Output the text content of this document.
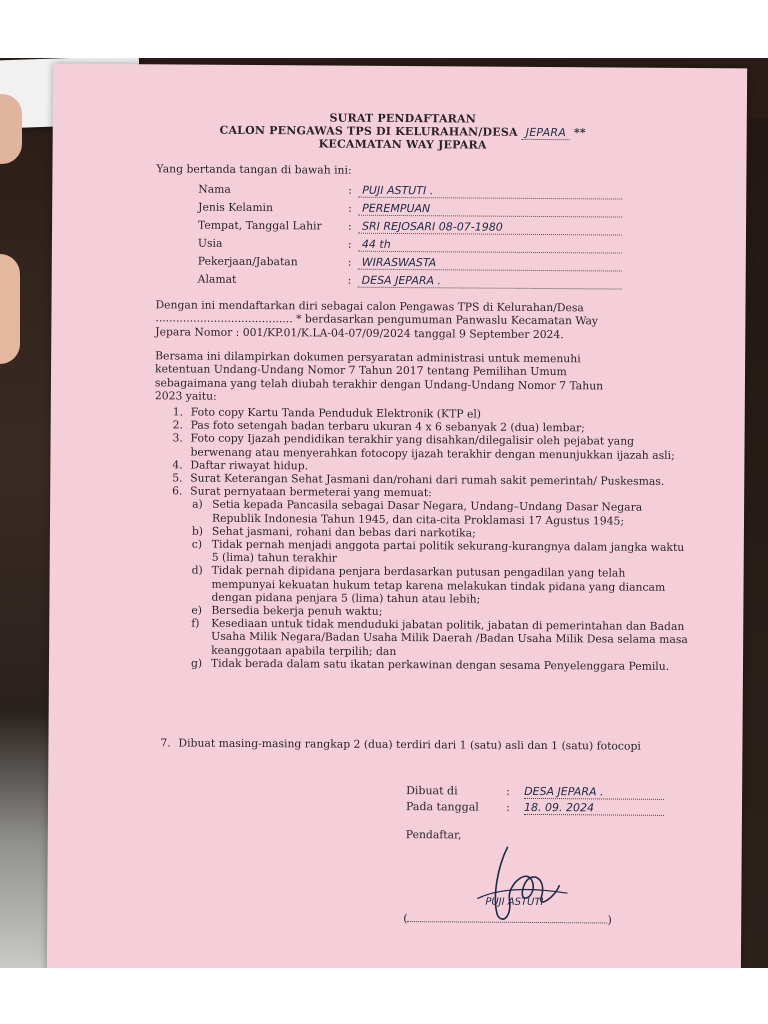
SURAT PENDAFTARAN
CALON PENGAWAS TPS DI KELURAHAN/DESA JEPARA **
KECAMATAN WAY JEPARA
Yang bertanda tangan di bawah ini:
Nama	: PUJI ASTUTI .
Jenis Kelamin	: PEREMPUAN
Tempat, Tanggal Lahir : SRI REJOSARI 08-07-1980
Usia	: 44 th
Pekerjaan/Jabatan	: WIRASWASTA
Alamat	: DESA JEPARA .
Dengan ini mendaftarkan diri sebagai calon Pengawas TPS di Kelurahan/Desa
........................................ * berdasarkan pengumuman Panwaslu Kecamatan Way
Jepara Nomor : 001/KP.01/K.LA-04-07/09/2024 tanggal 9 September 2024.
Bersama ini dilampirkan dokumen persyaratan administrasi untuk memenuhi
ketentuan Undang-Undang Nomor 7 Tahun 2017 tentang Pemilihan Umum
sebagaimana yang telah diubah terakhir dengan Undang-Undang Nomor 7 Tahun
2023 yaitu:
1. Foto copy Kartu Tanda Penduduk Elektronik (KTP el)
2. Pas foto setengah badan terbaru ukuran 4 x 6 sebanyak 2 (dua) lembar;
3. Foto copy Ijazah pendidikan terakhir yang disahkan/dilegalisir oleh pejabat yang berwenang atau menyerahkan fotocopy ijazah terakhir dengan menunjukkan ijazah asli;
4. Daftar riwayat hidup.
5. Surat Keterangan Sehat Jasmani dan/rohani dari rumah sakit pemerintah/ Puskesmas.
6. Surat pernyataan bermeterai yang memuat:
a) Setia kepada Pancasila sebagai Dasar Negara, Undang–Undang Dasar Negara Republik Indonesia Tahun 1945, dan cita-cita Proklamasi 17 Agustus 1945;
b) Sehat jasmani, rohani dan bebas dari narkotika;
c) Tidak pernah menjadi anggota partai politik sekurang-kurangnya dalam jangka waktu 5 (lima) tahun terakhir
d) Tidak pernah dipidana penjara berdasarkan putusan pengadilan yang telah mempunyai kekuatan hukum tetap karena melakukan tindak pidana yang diancam dengan pidana penjara 5 (lima) tahun atau lebih;
e) Bersedia bekerja penuh waktu;
f) Kesediaan untuk tidak menduduki jabatan politik, jabatan di pemerintahan dan Badan Usaha Milik Negara/Badan Usaha Milik Daerah /Badan Usaha Milik Desa selama masa keanggotaan apabila terpilih; dan
g) Tidak berada dalam satu ikatan perkawinan dengan sesama Penyelenggara Pemilu.
7. Dibuat masing-masing rangkap 2 (dua) terdiri dari 1 (satu) asli dan 1 (satu) fotocopi
Dibuat di	: DESA JEPARA .
Pada tanggal : 18. 09. 2024
Pendaftar,
PUJI ASTUTI
(	)
